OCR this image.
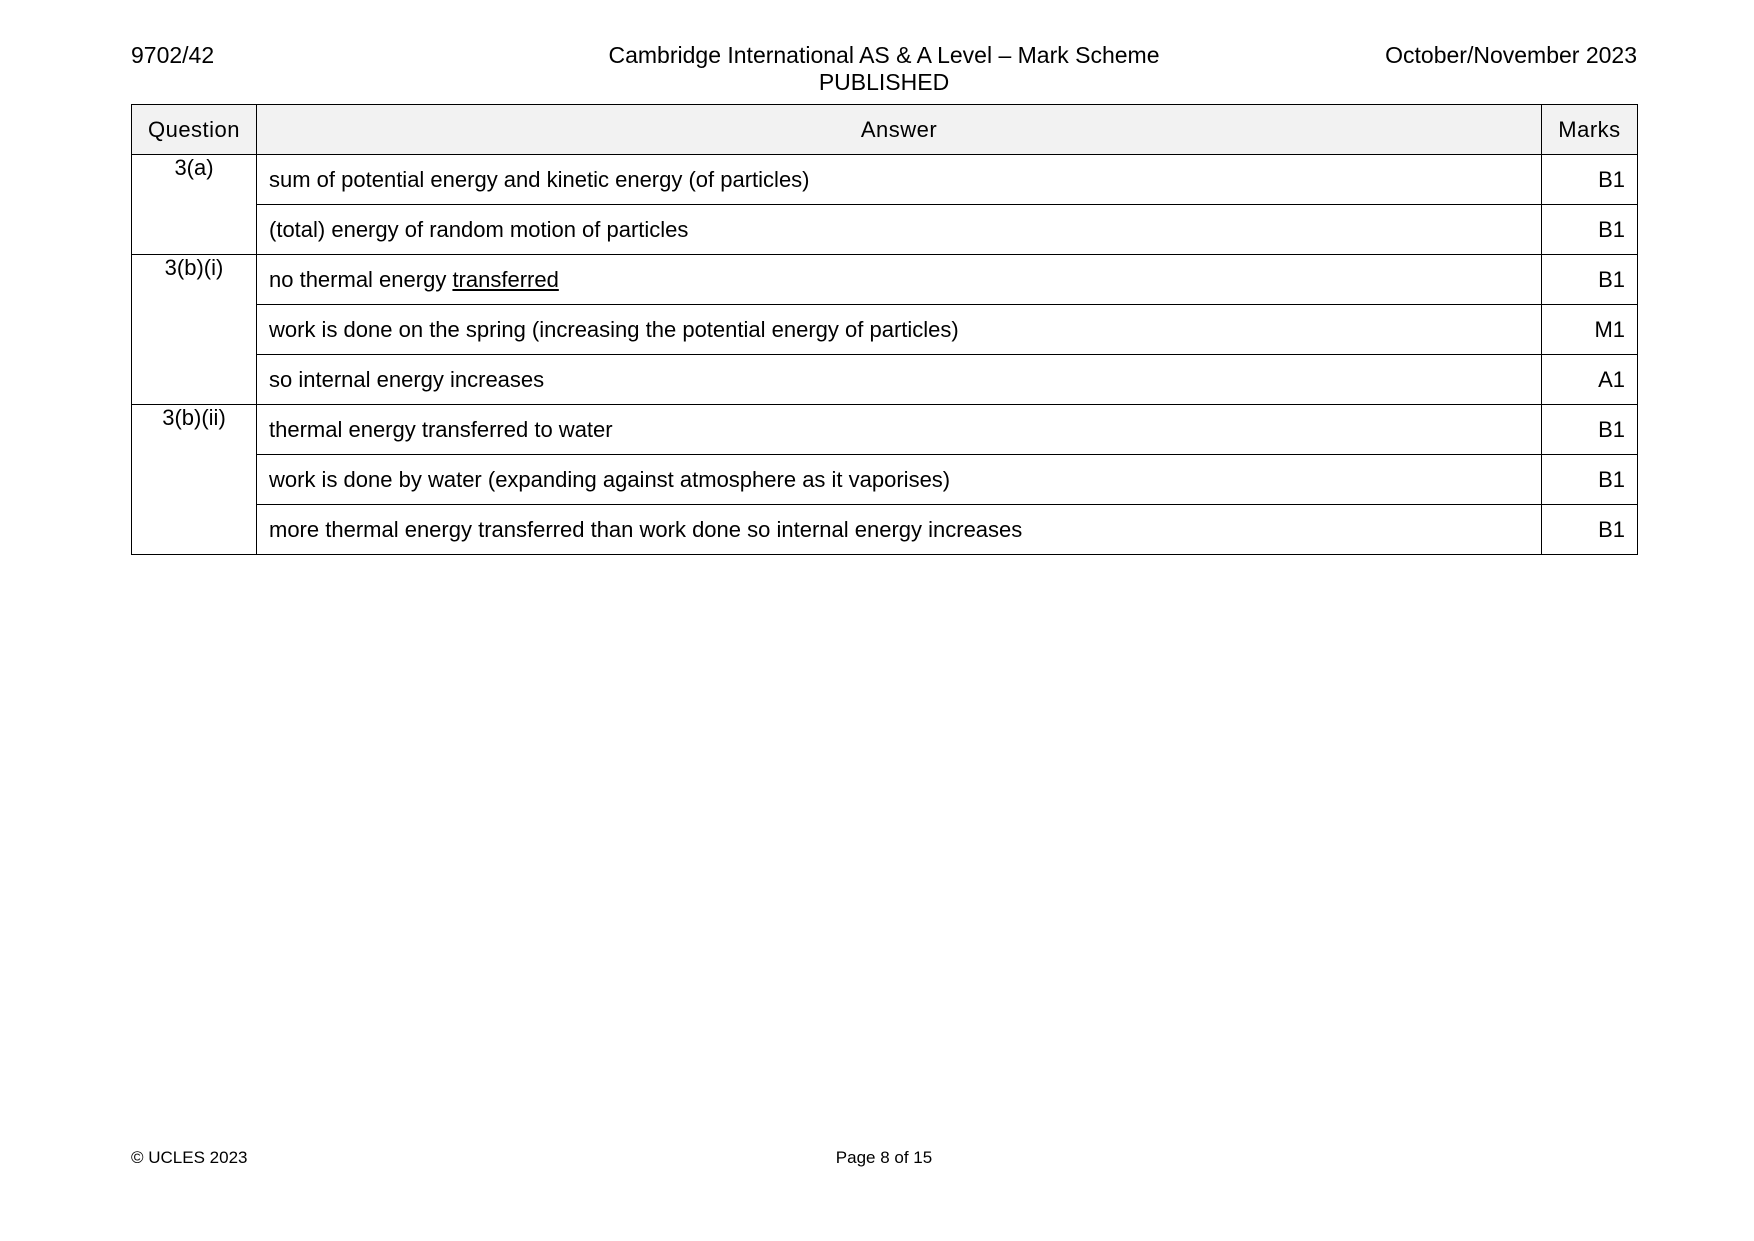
9702/42	Cambridge International AS & A Level – Mark Scheme
PUBLISHED
October/November 2023
Question	Answer	Marks
3(a)	sum of potential energy and kinetic energy (of particles)	B1
	(total) energy of random motion of particles	B1
3(b)(i)	no thermal energy transferred	B1
	work is done on the spring (increasing the potential energy of particles)	M1
	so internal energy increases	A1
3(b)(ii)	thermal energy transferred to water	B1
	work is done by water (expanding against atmosphere as it vaporises)	B1
	more thermal energy transferred than work done so internal energy increases	B1
© UCLES 2023	Page 8 of 15
